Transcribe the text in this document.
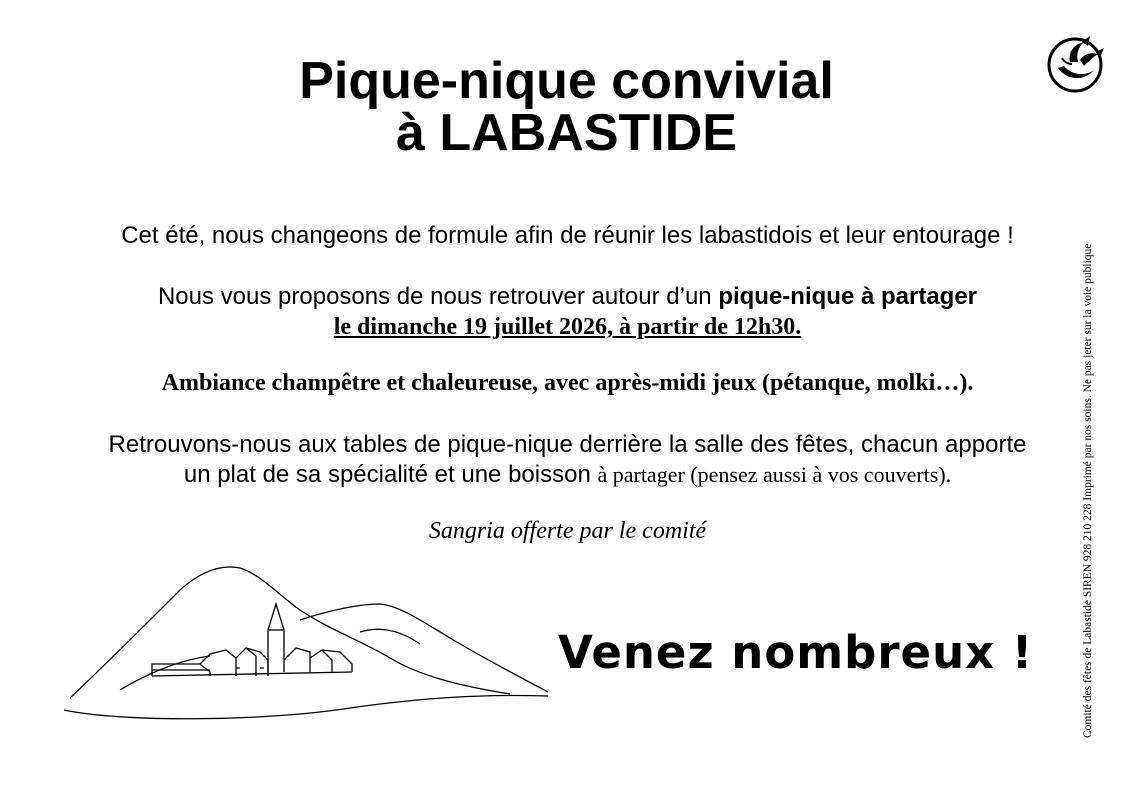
Pique-nique convivial
à LABASTIDE
Cet été, nous changeons de formule afin de réunir les labastidois et leur entourage !
Nous vous proposons de nous retrouver autour d’un pique-nique à partager
le dimanche 19 juillet 2026, à partir de 12h30.
Ambiance champêtre et chaleureuse, avec après-midi jeux (pétanque, molki…).
Retrouvons-nous aux tables de pique-nique derrière la salle des fêtes, chacun apporte
un plat de sa spécialité et une boisson à partager (pensez aussi à vos couverts).
Sangria offerte par le comité
Venez nombreux !	Comité des fêtes de Labastide SIREN 928 210 228 Imprimé par nos soins. Ne pas jeter sur la voie publique
